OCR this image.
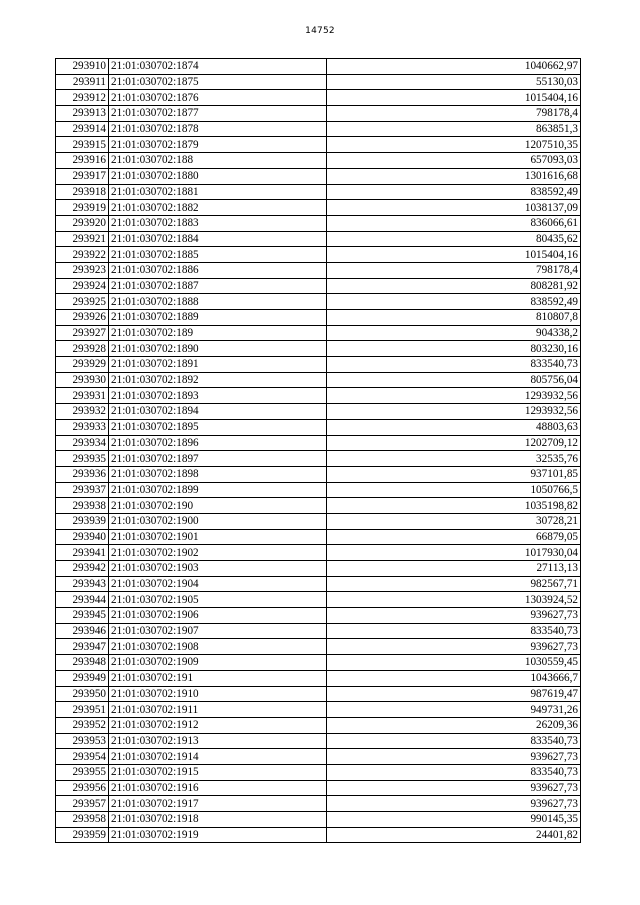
14752
293910	21:01:030702:1874	1040662,97
293911	21:01:030702:1875	55130,03
293912	21:01:030702:1876	1015404,16
293913	21:01:030702:1877	798178,4
293914	21:01:030702:1878	863851,3
293915	21:01:030702:1879	1207510,35
293916	21:01:030702:188	657093,03
293917	21:01:030702:1880	1301616,68
293918	21:01:030702:1881	838592,49
293919	21:01:030702:1882	1038137,09
293920	21:01:030702:1883	836066,61
293921	21:01:030702:1884	80435,62
293922	21:01:030702:1885	1015404,16
293923	21:01:030702:1886	798178,4
293924	21:01:030702:1887	808281,92
293925	21:01:030702:1888	838592,49
293926	21:01:030702:1889	810807,8
293927	21:01:030702:189	904338,2
293928	21:01:030702:1890	803230,16
293929	21:01:030702:1891	833540,73
293930	21:01:030702:1892	805756,04
293931	21:01:030702:1893	1293932,56
293932	21:01:030702:1894	1293932,56
293933	21:01:030702:1895	48803,63
293934	21:01:030702:1896	1202709,12
293935	21:01:030702:1897	32535,76
293936	21:01:030702:1898	937101,85
293937	21:01:030702:1899	1050766,5
293938	21:01:030702:190	1035198,82
293939	21:01:030702:1900	30728,21
293940	21:01:030702:1901	66879,05
293941	21:01:030702:1902	1017930,04
293942	21:01:030702:1903	27113,13
293943	21:01:030702:1904	982567,71
293944	21:01:030702:1905	1303924,52
293945	21:01:030702:1906	939627,73
293946	21:01:030702:1907	833540,73
293947	21:01:030702:1908	939627,73
293948	21:01:030702:1909	1030559,45
293949	21:01:030702:191	1043666,7
293950	21:01:030702:1910	987619,47
293951	21:01:030702:1911	949731,26
293952	21:01:030702:1912	26209,36
293953	21:01:030702:1913	833540,73
293954	21:01:030702:1914	939627,73
293955	21:01:030702:1915	833540,73
293956	21:01:030702:1916	939627,73
293957	21:01:030702:1917	939627,73
293958	21:01:030702:1918	990145,35
293959	21:01:030702:1919	24401,82
